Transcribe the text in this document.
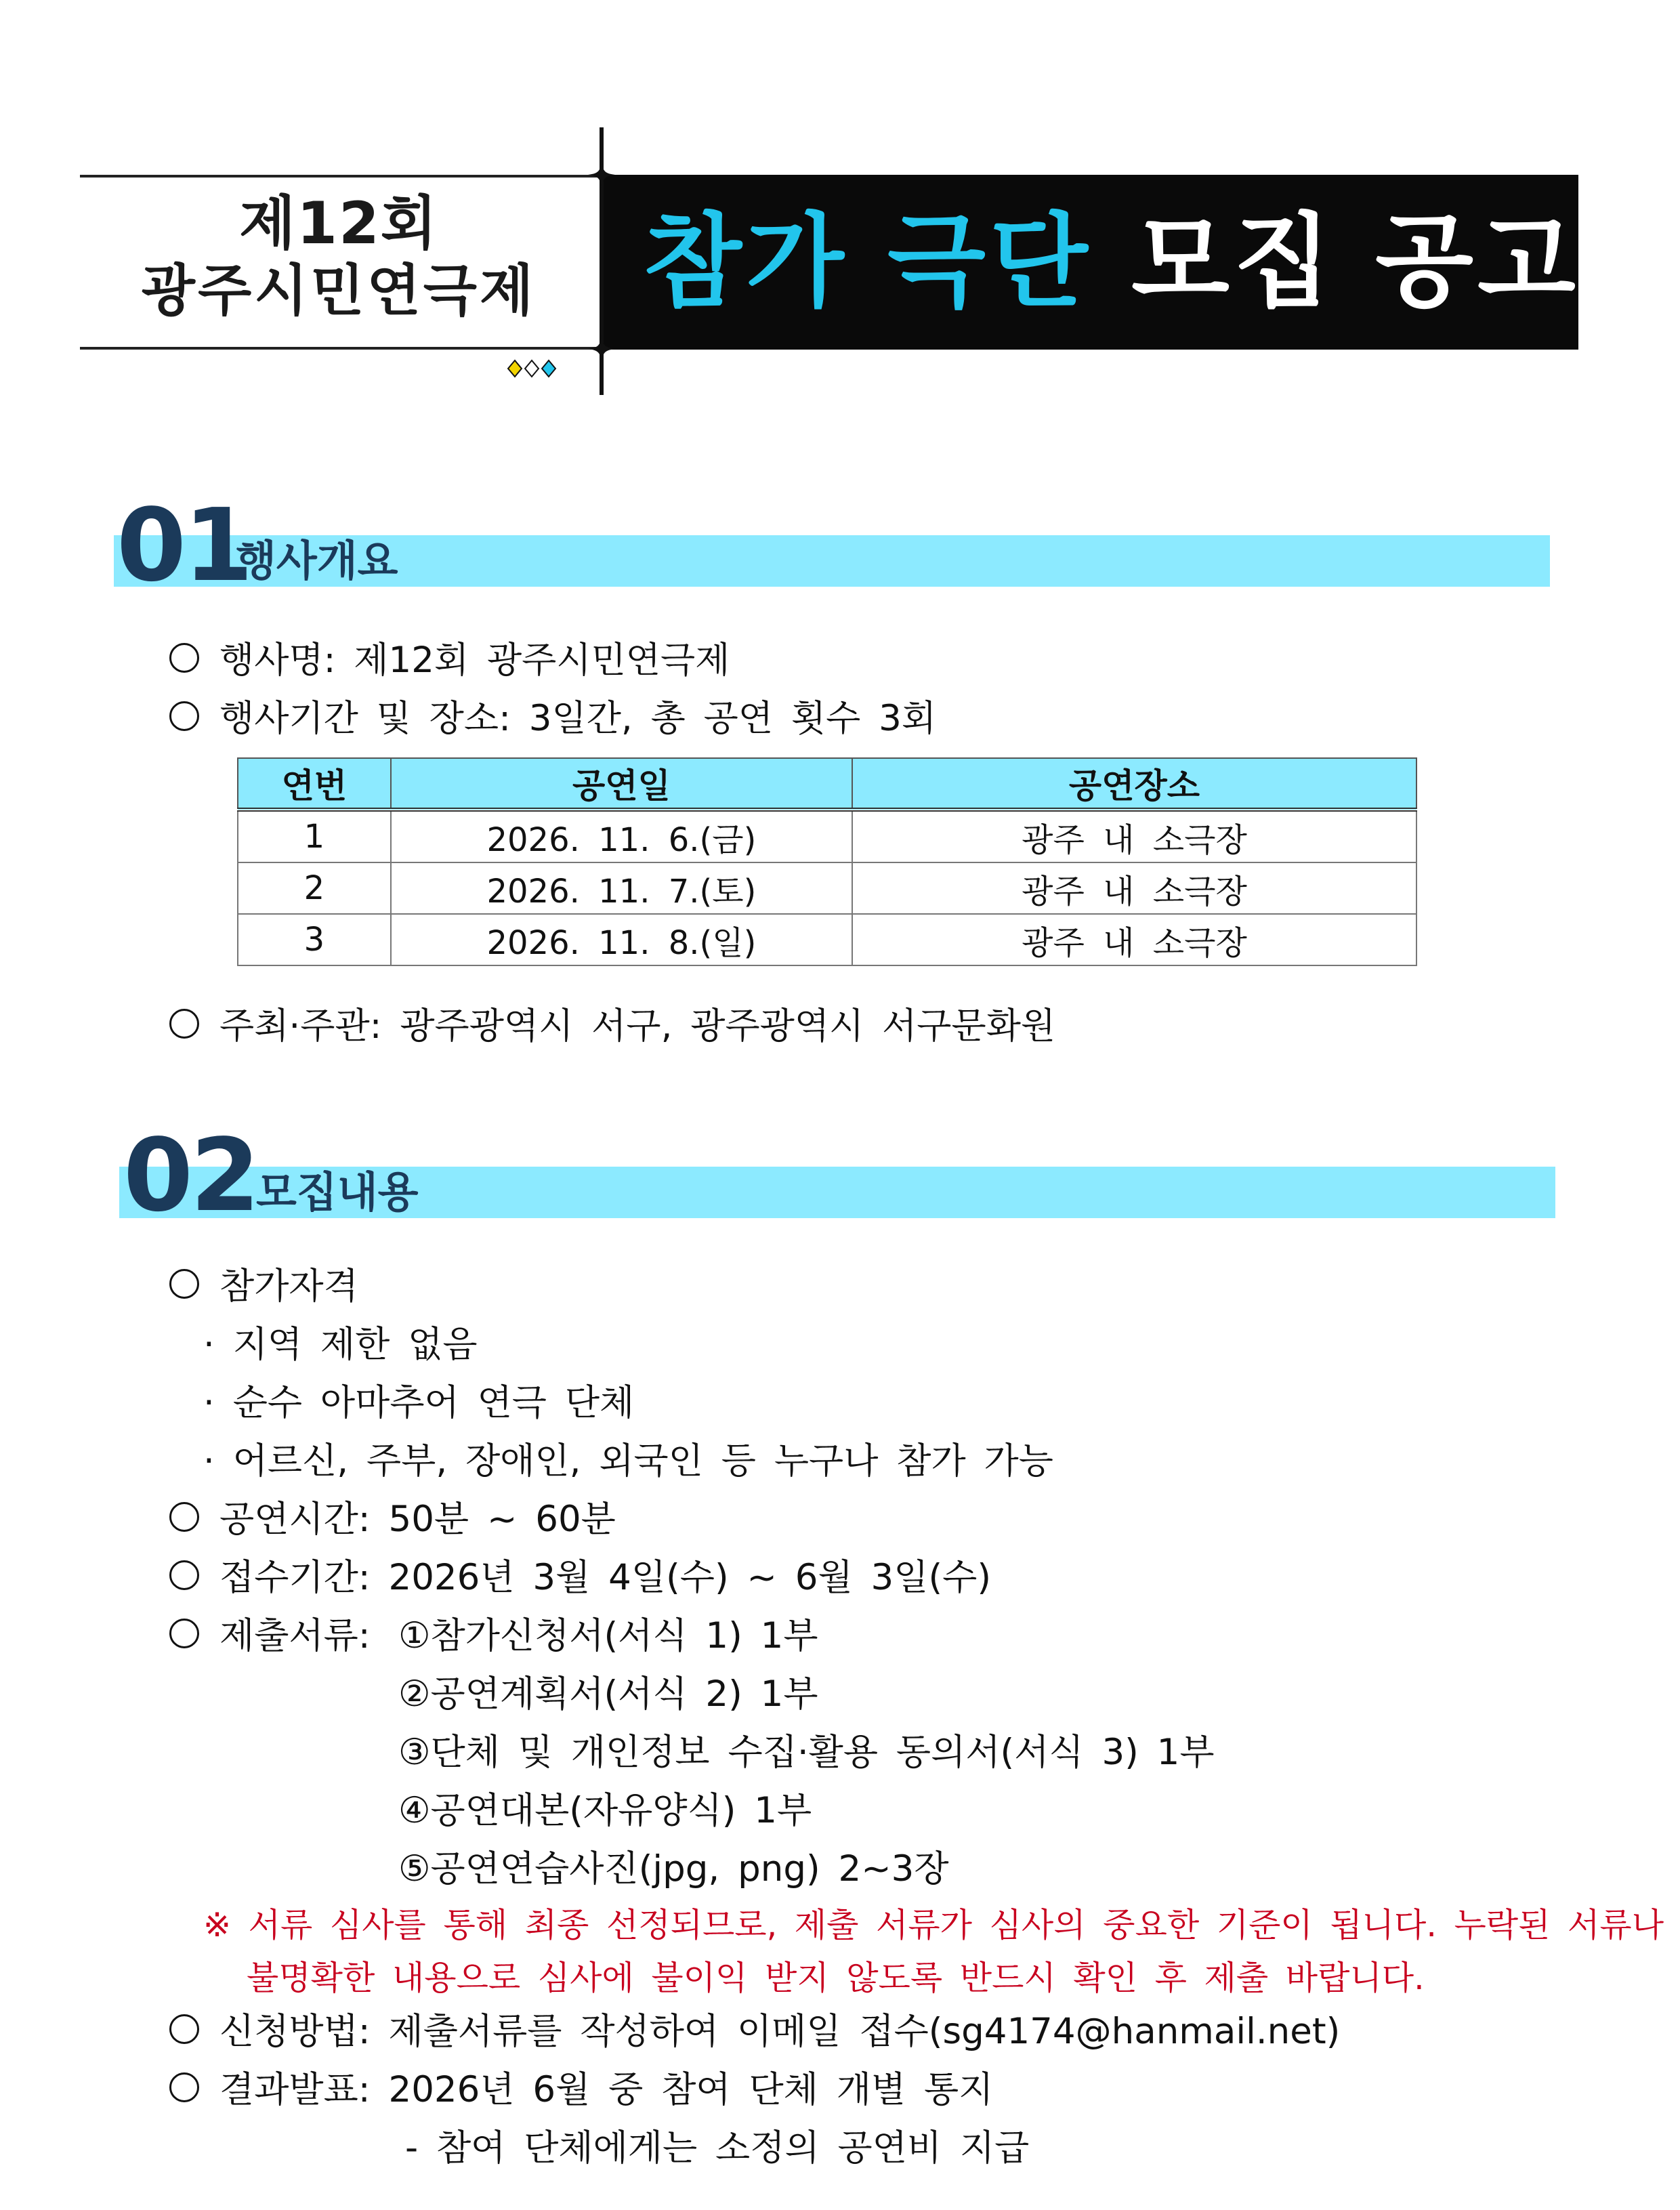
제12회
광주시민연극제	참가 극단 모집 공고
01
행사개요
행사명: 제12회 광주시민연극제
행사기간 및 장소: 3일간, 총 공연 횟수 3회
연번	공연일	공연장소
1	2026. 11. 6.(금)	광주 내 소극장
2	2026. 11. 7.(토)	광주 내 소극장
3	2026. 11. 8.(일)	광주 내 소극장
주최·주관: 광주광역시 서구, 광주광역시 서구문화원
02
모집내용
참가자격
· 지역 제한 없음
· 순수 아마추어 연극 단체
· 어르신, 주부, 장애인, 외국인 등 누구나 참가 가능
공연시간: 50분 ~ 60분
접수기간: 2026년 3월 4일(수) ~ 6월 3일(수)
제출서류: ①참가신청서(서식 1) 1부
②공연계획서(서식 2) 1부
③단체 및 개인정보 수집·활용 동의서(서식 3) 1부
④공연대본(자유양식) 1부
⑤공연연습사진(jpg, png) 2~3장
※ 서류 심사를 통해 최종 선정되므로, 제출 서류가 심사의 중요한 기준이 됩니다. 누락된 서류나
불명확한 내용으로 심사에 불이익 받지 않도록 반드시 확인 후 제출 바랍니다.
신청방법: 제출서류를 작성하여 이메일 접수(sg4174@hanmail.net)
결과발표: 2026년 6월 중 참여 단체 개별 통지
- 참여 단체에게는 소정의 공연비 지급
